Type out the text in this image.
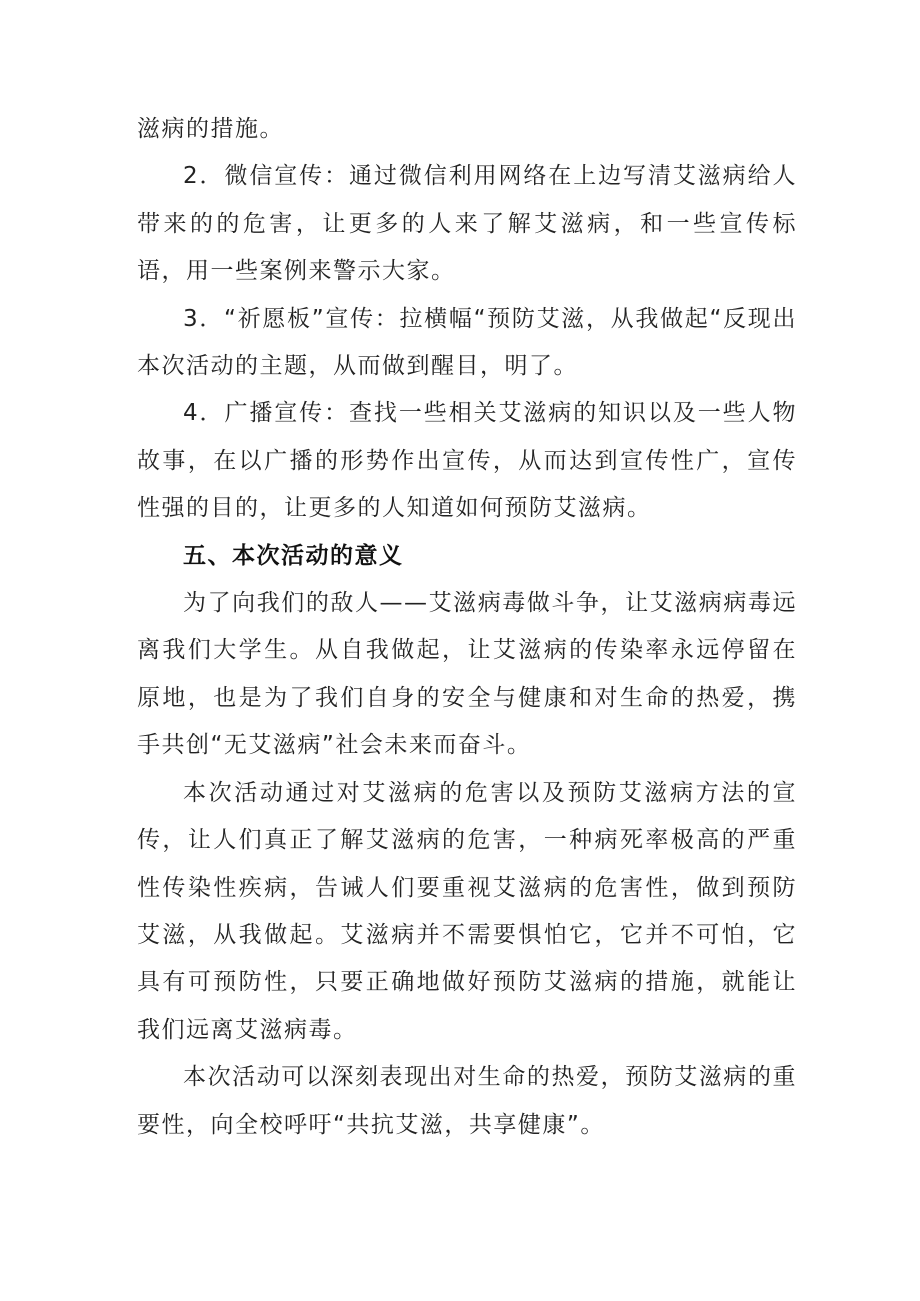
滋病的措施。

2．微信宣传：通过微信利用网络在上边写清艾滋病给人带来的的危害，让更多的人来了解艾滋病，和一些宣传标语，用一些案例来警示大家。

3．“祈愿板”宣传：拉横幅“预防艾滋，从我做起“反现出本次活动的主题，从而做到醒目，明了。

4．广播宣传：查找一些相关艾滋病的知识以及一些人物故事，在以广播的形势作出宣传，从而达到宣传性广，宣传性强的目的，让更多的人知道如何预防艾滋病。

五、本次活动的意义

为了向我们的敌人——艾滋病毒做斗争，让艾滋病病毒远离我们大学生。从自我做起，让艾滋病的传染率永远停留在原地，也是为了我们自身的安全与健康和对生命的热爱，携手共创“无艾滋病”社会未来而奋斗。

本次活动通过对艾滋病的危害以及预防艾滋病方法的宣传，让人们真正了解艾滋病的危害，一种病死率极高的严重性传染性疾病，告诫人们要重视艾滋病的危害性，做到预防艾滋，从我做起。艾滋病并不需要惧怕它，它并不可怕，它具有可预防性，只要正确地做好预防艾滋病的措施，就能让我们远离艾滋病毒。

本次活动可以深刻表现出对生命的热爱，预防艾滋病的重要性，向全校呼吁“共抗艾滋，共享健康”。
